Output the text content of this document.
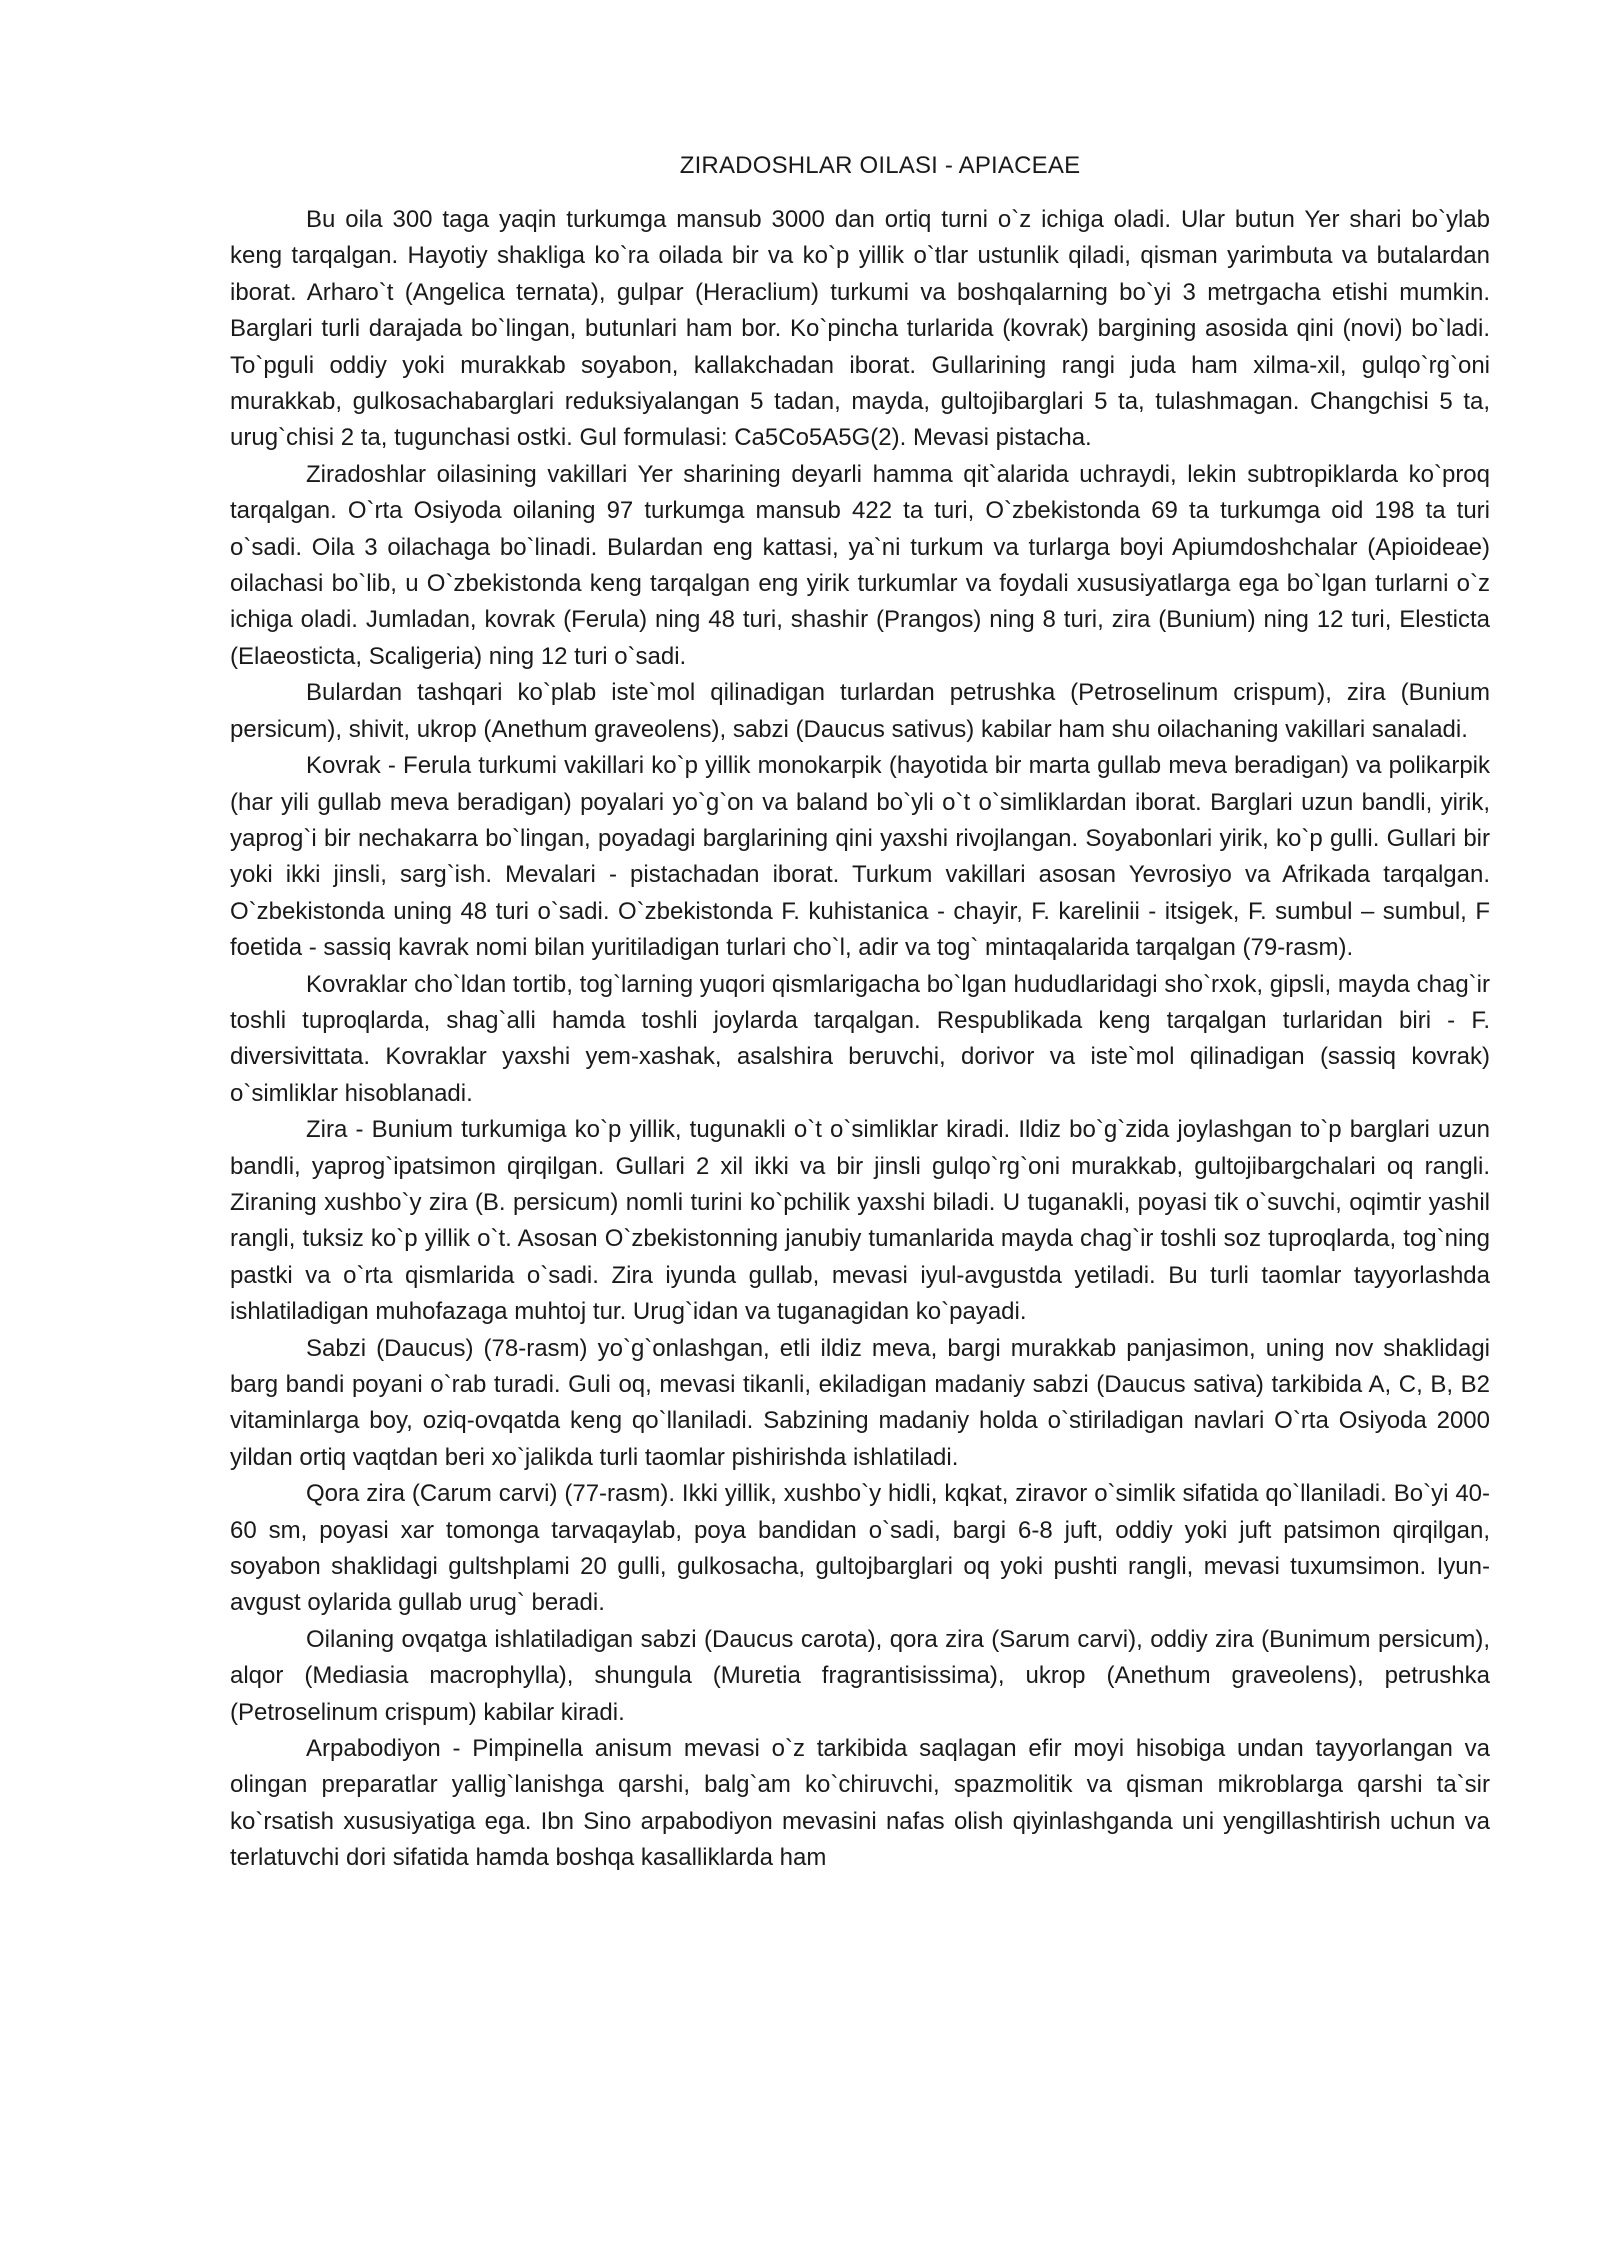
ZIRADOSHLAR OILASI - APIACEAE

Bu oila 300 taga yaqin turkumga mansub 3000 dan ortiq turni o`z ichiga oladi. Ular butun Yer shari bo`ylab keng tarqalgan. Hayotiy shakliga ko`ra oilada bir va ko`p yillik o`tlar ustunlik qiladi, qisman yarimbuta va butalardan iborat. Arharo`t (Angelica ternata), gulpar (Heraclium) turkumi va boshqalarning bo`yi 3 metrgacha etishi mumkin. Barglari turli darajada bo`lingan, butunlari ham bor. Ko`pincha turlarida (kovrak) bargining asosida qini (novi) bo`ladi. To`pguli oddiy yoki murakkab soyabon, kallakchadan iborat. Gullarining rangi juda ham xilma-xil, gulqo`rg`oni murakkab, gulkosachabarglari reduksiyalangan 5 tadan, mayda, gultojibarglari 5 ta, tulashmagan. Changchisi 5 ta, urug`chisi 2 ta, tugunchasi ostki. Gul formulasi: Ca5Co5A5G(2). Mevasi pistacha.

Ziradoshlar oilasining vakillari Yer sharining deyarli hamma qit`alarida uchraydi, lekin subtropiklarda ko`proq tarqalgan. O`rta Osiyoda oilaning 97 turkumga mansub 422 ta turi, O`zbekistonda 69 ta turkumga oid 198 ta turi o`sadi. Oila 3 oilachaga bo`linadi. Bulardan eng kattasi, ya`ni turkum va turlarga boyi Apiumdoshchalar (Apioideae) oilachasi bo`lib, u O`zbekistonda keng tarqalgan eng yirik turkumlar va foydali xususiyatlarga ega bo`lgan turlarni o`z ichiga oladi. Jumladan, kovrak (Ferula) ning 48 turi, shashir (Prangos) ning 8 turi, zira (Bunium) ning 12 turi, Elesticta (Elaeosticta, Scaligeria) ning 12 turi o`sadi.

Bulardan tashqari ko`plab iste`mol qilinadigan turlardan petrushka (Petroselinum crispum), zira (Bunium persicum), shivit, ukrop (Anethum graveolens), sabzi (Daucus sativus) kabilar ham shu oilachaning vakillari sanaladi.

Kovrak - Ferula turkumi vakillari ko`p yillik monokarpik (hayotida bir marta gullab meva beradigan) va polikarpik (har yili gullab meva beradigan) poyalari yo`g`on va baland bo`yli o`t o`simliklardan iborat. Barglari uzun bandli, yirik, yaprog`i bir nechakarra bo`lingan, poyadagi barglarining qini yaxshi rivojlangan. Soyabonlari yirik, ko`p gulli. Gullari bir yoki ikki jinsli, sarg`ish. Mevalari - pistachadan iborat. Turkum vakillari asosan Yevrosiyo va Afrikada tarqalgan. O`zbekistonda uning 48 turi o`sadi. O`zbekistonda F. kuhistanica - chayir, F. karelinii - itsigek, F. sumbul – sumbul, F foetida - sassiq kavrak nomi bilan yuritiladigan turlari cho`l, adir va tog` mintaqalarida tarqalgan (79-rasm).

Kovraklar cho`ldan tortib, tog`larning yuqori qismlarigacha bo`lgan hududlaridagi sho`rxok, gipsli, mayda chag`ir toshli tuproqlarda, shag`alli hamda toshli joylarda tarqalgan. Respublikada keng tarqalgan turlaridan biri - F. diversivittata. Kovraklar yaxshi yem-xashak, asalshira beruvchi, dorivor va iste`mol qilinadigan (sassiq kovrak) o`simliklar hisoblanadi.

Zira - Bunium turkumiga ko`p yillik, tugunakli o`t o`simliklar kiradi. Ildiz bo`g`zida joylashgan to`p barglari uzun bandli, yaprog`ipatsimon qirqilgan. Gullari 2 xil ikki va bir jinsli gulqo`rg`oni murakkab, gultojibargchalari oq rangli. Ziraning xushbo`y zira (B. persicum) nomli turini ko`pchilik yaxshi biladi. U tuganakli, poyasi tik o`suvchi, oqimtir yashil rangli, tuksiz ko`p yillik o`t. Asosan O`zbekistonning janubiy tumanlarida mayda chag`ir toshli soz tuproqlarda, tog`ning pastki va o`rta qismlarida o`sadi. Zira iyunda gullab, mevasi iyul-avgustda yetiladi. Bu turli taomlar tayyorlashda ishlatiladigan muhofazaga muhtoj tur. Urug`idan va tuganagidan ko`payadi.

Sabzi (Daucus) (78-rasm) yo`g`onlashgan, etli ildiz meva, bargi murakkab panjasimon, uning nov shaklidagi barg bandi poyani o`rab turadi. Guli oq, mevasi tikanli, ekiladigan madaniy sabzi (Daucus sativa) tarkibida A, C, B, B2 vitaminlarga boy, oziq-ovqatda keng qo`llaniladi. Sabzining madaniy holda o`stiriladigan navlari O`rta Osiyoda 2000 yildan ortiq vaqtdan beri xo`jalikda turli taomlar pishirishda ishlatiladi.

Qora zira (Carum carvi) (77-rasm). Ikki yillik, xushbo`y hidli, kqkat, ziravor o`simlik sifatida qo`llaniladi. Bo`yi 40-60 sm, poyasi xar tomonga tarvaqaylab, poya bandidan o`sadi, bargi 6-8 juft, oddiy yoki juft patsimon qirqilgan, soyabon shaklidagi gultshplami 20 gulli, gulkosacha, gultojbarglari oq yoki pushti rangli, mevasi tuxumsimon. Iyun- avgust oylarida gullab urug` beradi.

Oilaning ovqatga ishlatiladigan sabzi (Daucus carota), qora zira (Sarum carvi), oddiy zira (Bunimum persicum), alqor (Mediasia macrophylla), shungula (Muretia fragrantisissima), ukrop (Anethum graveolens), petrushka (Petroselinum crispum) kabilar kiradi.

Arpabodiyon - Pimpinella anisum mevasi o`z tarkibida saqlagan efir moyi hisobiga undan tayyorlangan va olingan preparatlar yallig`lanishga qarshi, balg`am ko`chiruvchi, spazmolitik va qisman mikroblarga qarshi ta`sir ko`rsatish xususiyatiga ega. Ibn Sino arpabodiyon mevasini nafas olish qiyinlashganda uni yengillashtirish uchun va terlatuvchi dori sifatida hamda boshqa kasalliklarda ham
